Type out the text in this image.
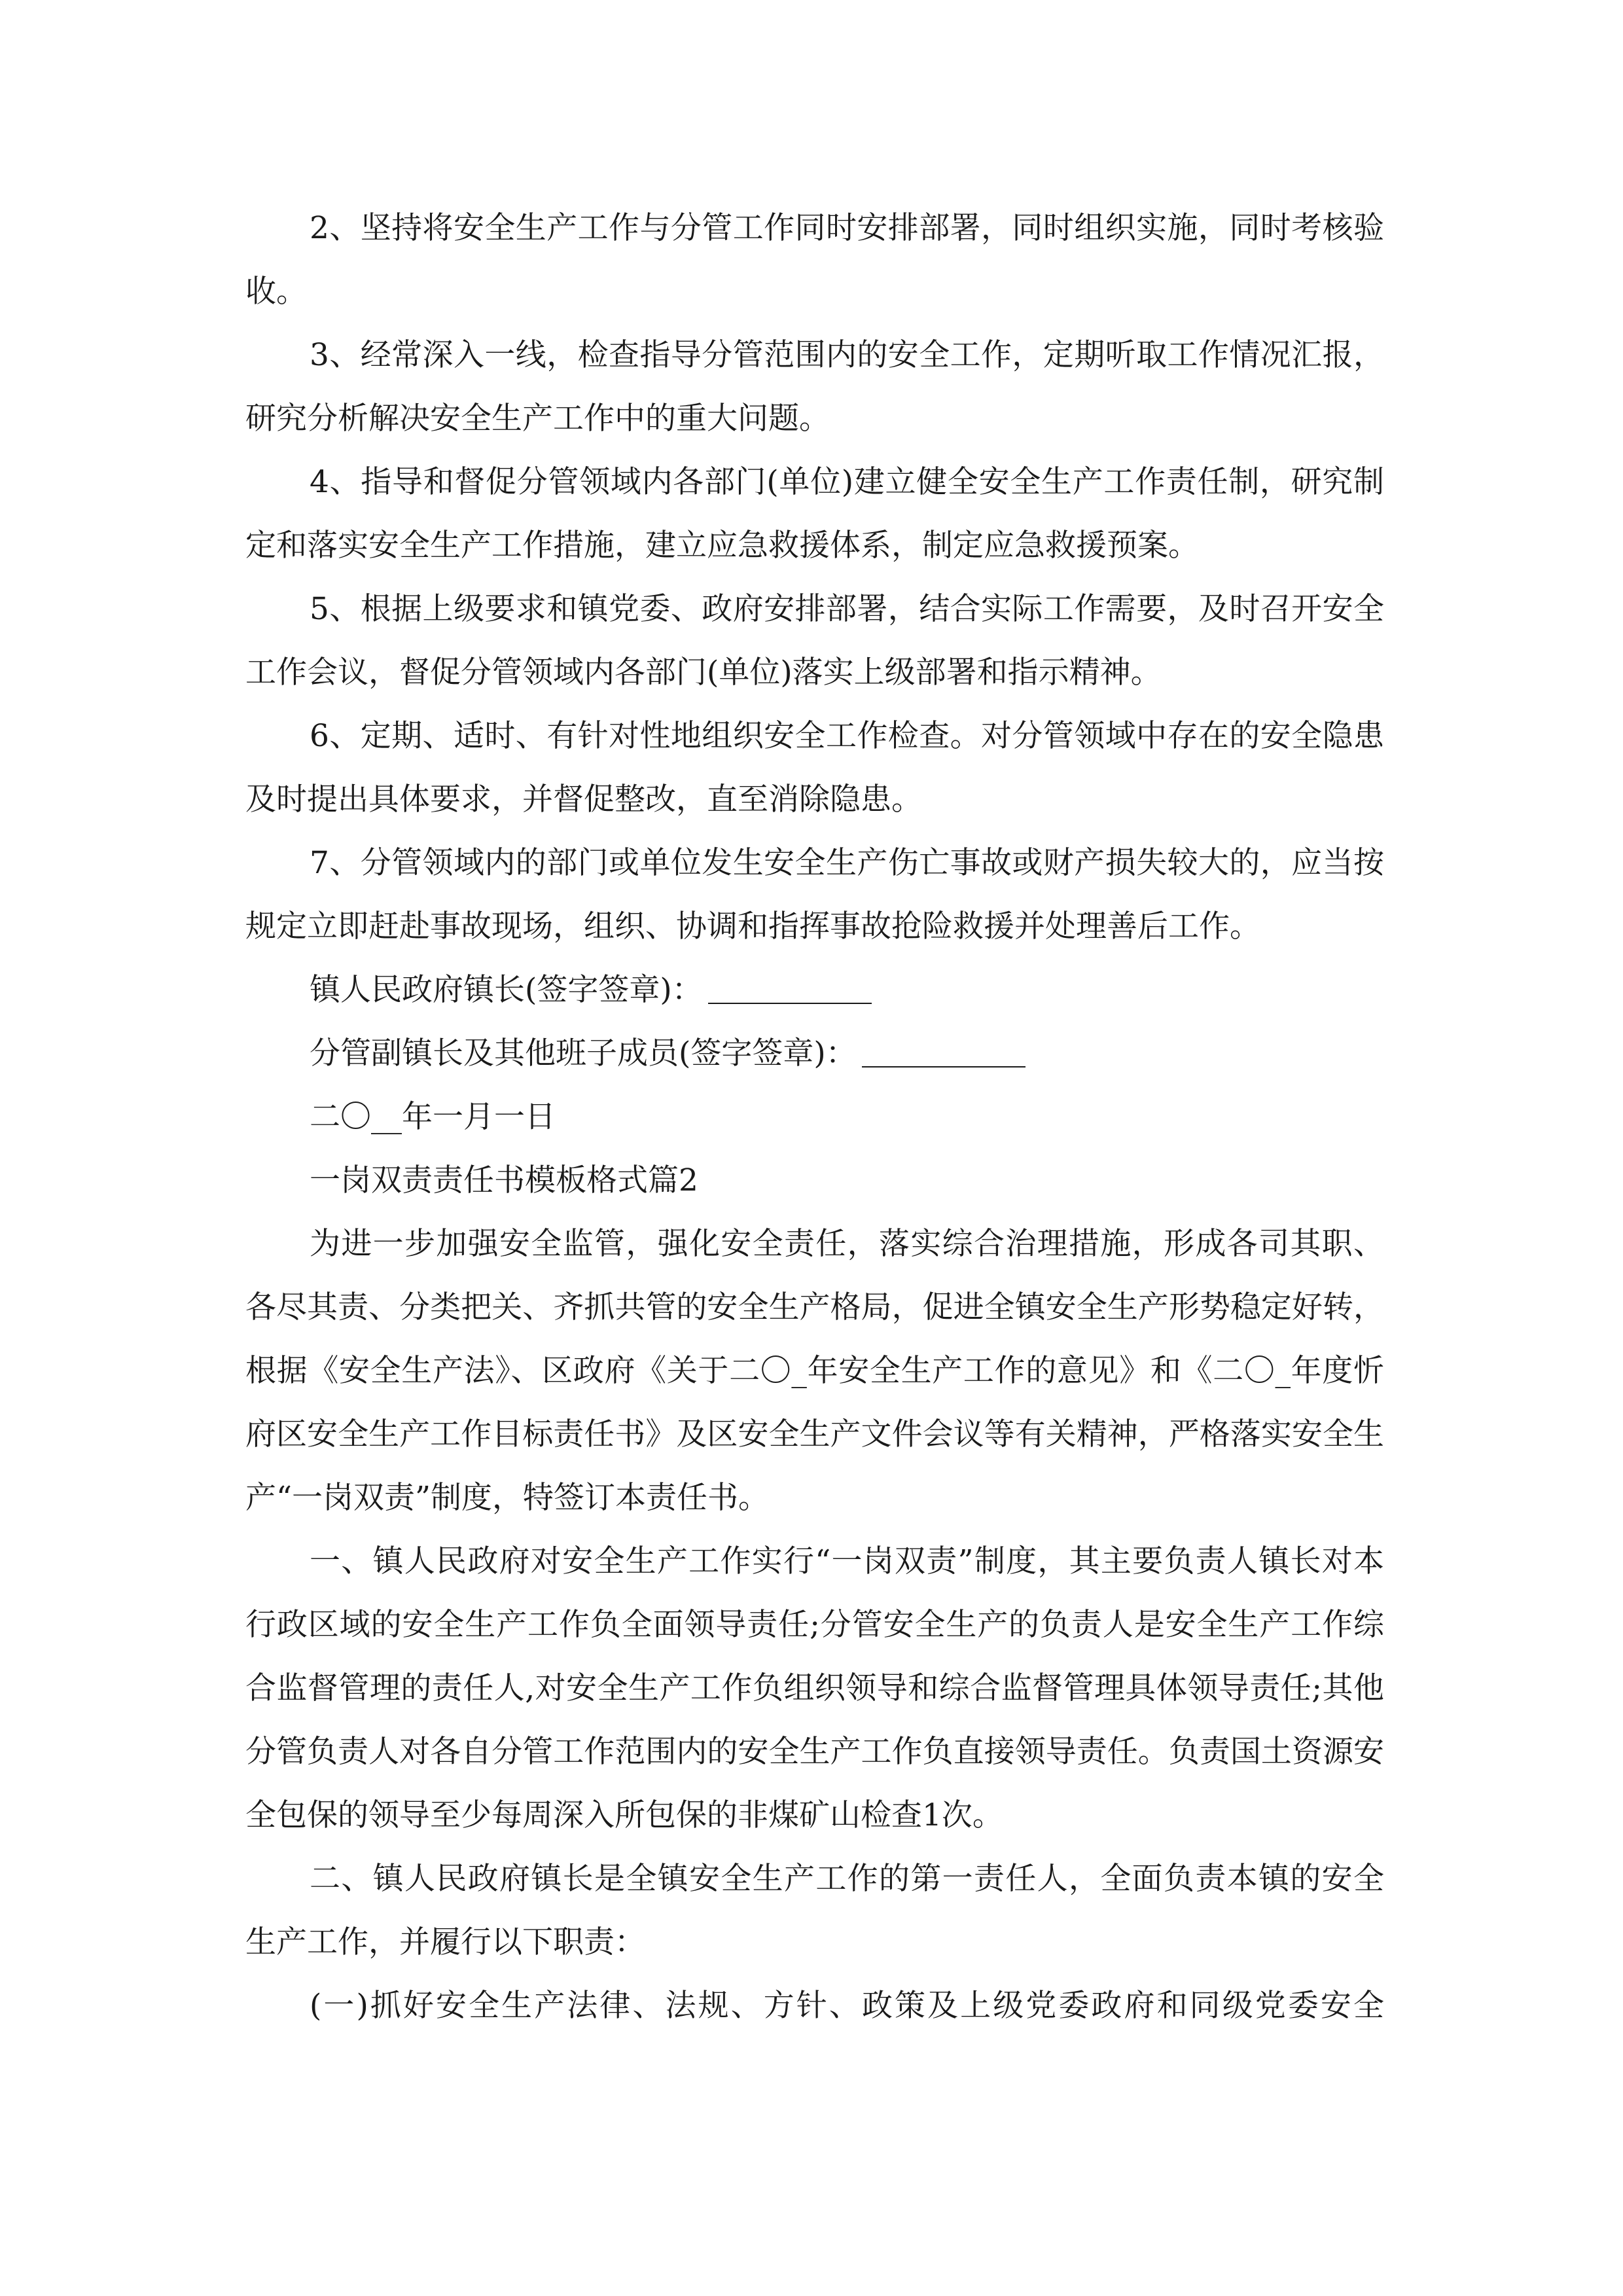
2、坚持将安全生产工作与分管工作同时安排部署，同时组织实施，同时考核验收。

3、经常深入一线，检查指导分管范围内的安全工作，定期听取工作情况汇报，研究分析解决安全生产工作中的重大问题。

4、指导和督促分管领域内各部门(单位)建立健全安全生产工作责任制，研究制定和落实安全生产工作措施，建立应急救援体系，制定应急救援预案。

5、根据上级要求和镇党委、政府安排部署，结合实际工作需要，及时召开安全工作会议，督促分管领域内各部门(单位)落实上级部署和指示精神。

6、定期、适时、有针对性地组织安全工作检查。对分管领域中存在的安全隐患及时提出具体要求，并督促整改，直至消除隐患。

7、分管领域内的部门或单位发生安全生产伤亡事故或财产损失较大的，应当按规定立即赶赴事故现场，组织、协调和指挥事故抢险救援并处理善后工作。

镇人民政府镇长(签字签章)：

分管副镇长及其他班子成员(签字签章)：

二〇__年一月一日

一岗双责责任书模板格式篇2

为进一步加强安全监管，强化安全责任，落实综合治理措施，形成各司其职、各尽其责、分类把关、齐抓共管的安全生产格局，促进全镇安全生产形势稳定好转，根据《安全生产法》、区政府《关于二〇_年安全生产工作的意见》和《二〇_年度忻府区安全生产工作目标责任书》及区安全生产文件会议等有关精神，严格落实安全生产“一岗双责”制度，特签订本责任书。

一、镇人民政府对安全生产工作实行“一岗双责”制度，其主要负责人镇长对本行政区域的安全生产工作负全面领导责任;分管安全生产的负责人是安全生产工作综合监督管理的责任人,对安全生产工作负组织领导和综合监督管理具体领导责任;其他分管负责人对各自分管工作范围内的安全生产工作负直接领导责任。负责国土资源安全包保的领导至少每周深入所包保的非煤矿山检查1次。

二、镇人民政府镇长是全镇安全生产工作的第一责任人，全面负责本镇的安全生产工作，并履行以下职责：

(一)抓好安全生产法律、法规、方针、政策及上级党委政府和同级党委安全
